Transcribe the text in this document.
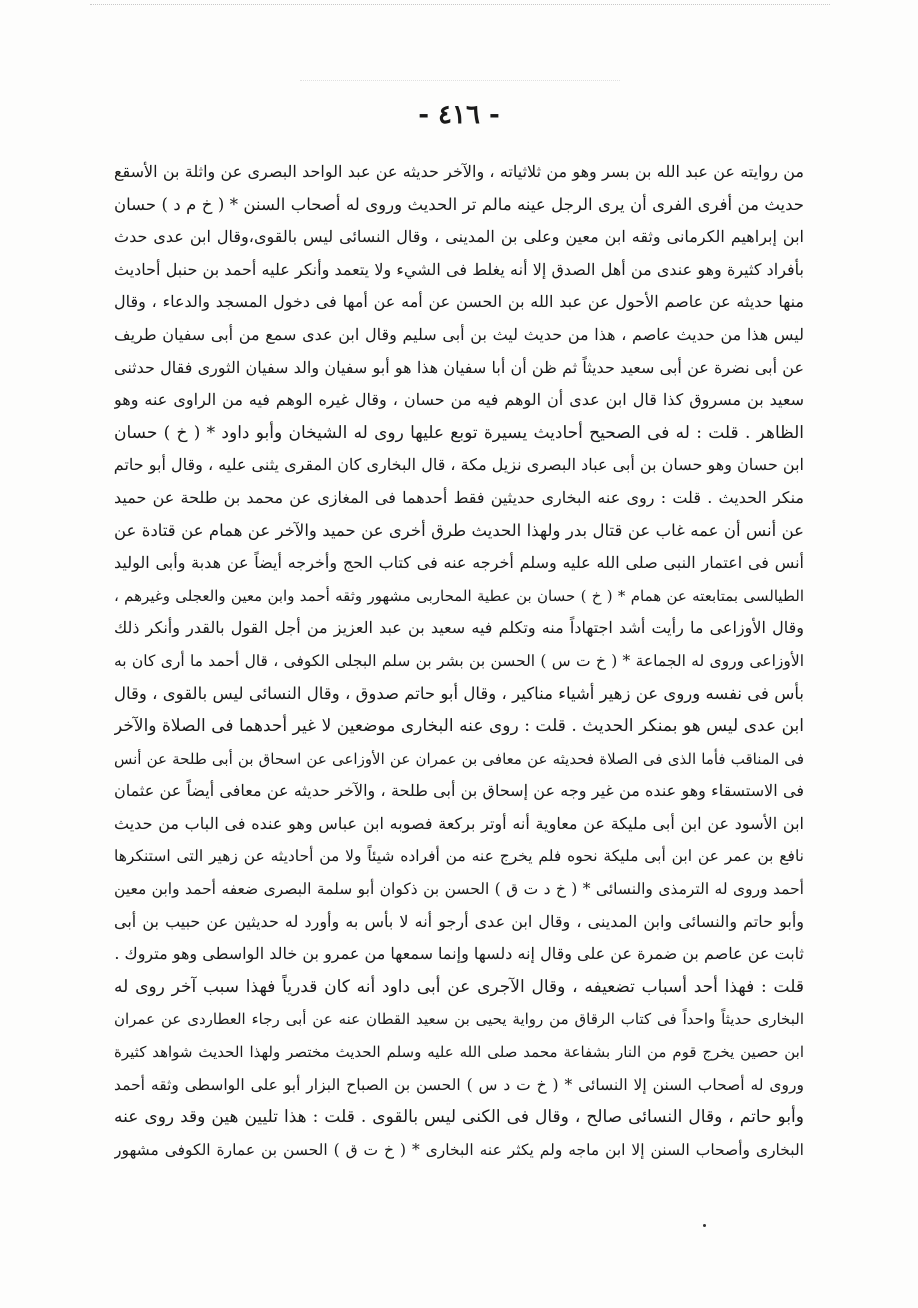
- ٤١٦ -
من روايته عن عبد الله بن بسر وهو من ثلاثياته ، والآخر حديثه عن عبد الواحد البصرى عن واثلة بن الأسقع
حديث من أفرى الفرى أن يرى الرجل عينه مالم تر الحديث وروى له أصحاب السنن * ( خ م د ) حسان
ابن إبراهيم الكرمانى وثقه ابن معين وعلى بن المدينى ، وقال النسائى ليس بالقوى،وقال ابن عدى حدث
بأفراد كثيرة وهو عندى من أهل الصدق إلا أنه يغلط فى الشيء ولا يتعمد وأنكر عليه أحمد بن حنبل أحاديث
منها حديثه عن عاصم الأحول عن عبد الله بن الحسن عن أمه عن أمها فى دخول المسجد والدعاء ، وقال
ليس هذا من حديث عاصم ، هذا من حديث ليث بن أبى سليم وقال ابن عدى سمع من أبى سفيان طريف
عن أبى نضرة عن أبى سعيد حديثاً ثم ظن أن أبا سفيان هذا هو أبو سفيان والد سفيان الثورى فقال حدثنى
سعيد بن مسروق كذا قال ابن عدى أن الوهم فيه من حسان ، وقال غيره الوهم فيه من الراوى عنه وهو
الظاهر . قلت : له فى الصحيح أحاديث يسيرة توبع عليها روى له الشيخان وأبو داود * ( خ ) حسان
ابن حسان وهو حسان بن أبى عباد البصرى نزيل مكة ، قال البخارى كان المقرى يثنى عليه ، وقال أبو حاتم
منكر الحديث . قلت : روى عنه البخارى حديثين فقط أحدهما فى المغازى عن محمد بن طلحة عن حميد
عن أنس أن عمه غاب عن قتال بدر ولهذا الحديث طرق أخرى عن حميد والآخر عن همام عن قتادة عن
أنس فى اعتمار النبى صلى الله عليه وسلم أخرجه عنه فى كتاب الحج وأخرجه أيضاً عن هدبة وأبى الوليد
الطيالسى بمتابعته عن همام * ( خ ) حسان بن عطية المحاربى مشهور وثقه أحمد وابن معين والعجلى وغيرهم ،
وقال الأوزاعى ما رأيت أشد اجتهاداً منه وتكلم فيه سعيد بن عبد العزيز من أجل القول بالقدر وأنكر ذلك
الأوزاعى وروى له الجماعة * ( خ ت س ) الحسن بن بشر بن سلم البجلى الكوفى ، قال أحمد ما أرى كان به
بأس فى نفسه وروى عن زهير أشياء مناكير ، وقال أبو حاتم صدوق ، وقال النسائى ليس بالقوى ، وقال
ابن عدى ليس هو بمنكر الحديث . قلت : روى عنه البخارى موضعين لا غير أحدهما فى الصلاة والآخر
فى المناقب فأما الذى فى الصلاة فحديثه عن معافى بن عمران عن الأوزاعى عن اسحاق بن أبى طلحة عن أنس
فى الاستسقاء وهو عنده من غير وجه عن إسحاق بن أبى طلحة ، والآخر حديثه عن معافى أيضاً عن عثمان
ابن الأسود عن ابن أبى مليكة عن معاوية أنه أوتر بركعة فصوبه ابن عباس وهو عنده فى الباب من حديث
نافع بن عمر عن ابن أبى مليكة نحوه فلم يخرج عنه من أفراده شيئاً ولا من أحاديثه عن زهير التى استنكرها
أحمد وروى له الترمذى والنسائى * ( خ د ت ق ) الحسن بن ذكوان أبو سلمة البصرى ضعفه أحمد وابن معين
وأبو حاتم والنسائى وابن المدينى ، وقال ابن عدى أرجو أنه لا بأس به وأورد له حديثين عن حبيب بن أبى
ثابت عن عاصم بن ضمرة عن على وقال إنه دلسها وإنما سمعها من عمرو بن خالد الواسطى وهو متروك .
قلت : فهذا أحد أسباب تضعيفه ، وقال الآجرى عن أبى داود أنه كان قدرياً فهذا سبب آخر روى له
البخارى حديثاً واحداً فى كتاب الرقاق من رواية يحيى بن سعيد القطان عنه عن أبى رجاء العطاردى عن عمران
ابن حصين يخرج قوم من النار بشفاعة محمد صلى الله عليه وسلم الحديث مختصر ولهذا الحديث شواهد كثيرة
وروى له أصحاب السنن إلا النسائى * ( خ ت د س ) الحسن بن الصباح البزار أبو على الواسطى وثقه أحمد
وأبو حاتم ، وقال النسائى صالح ، وقال فى الكنى ليس بالقوى . قلت : هذا تليين هين وقد روى عنه
البخارى وأصحاب السنن إلا ابن ماجه ولم يكثر عنه البخارى * ( خ ت ق ) الحسن بن عمارة الكوفى مشهور
